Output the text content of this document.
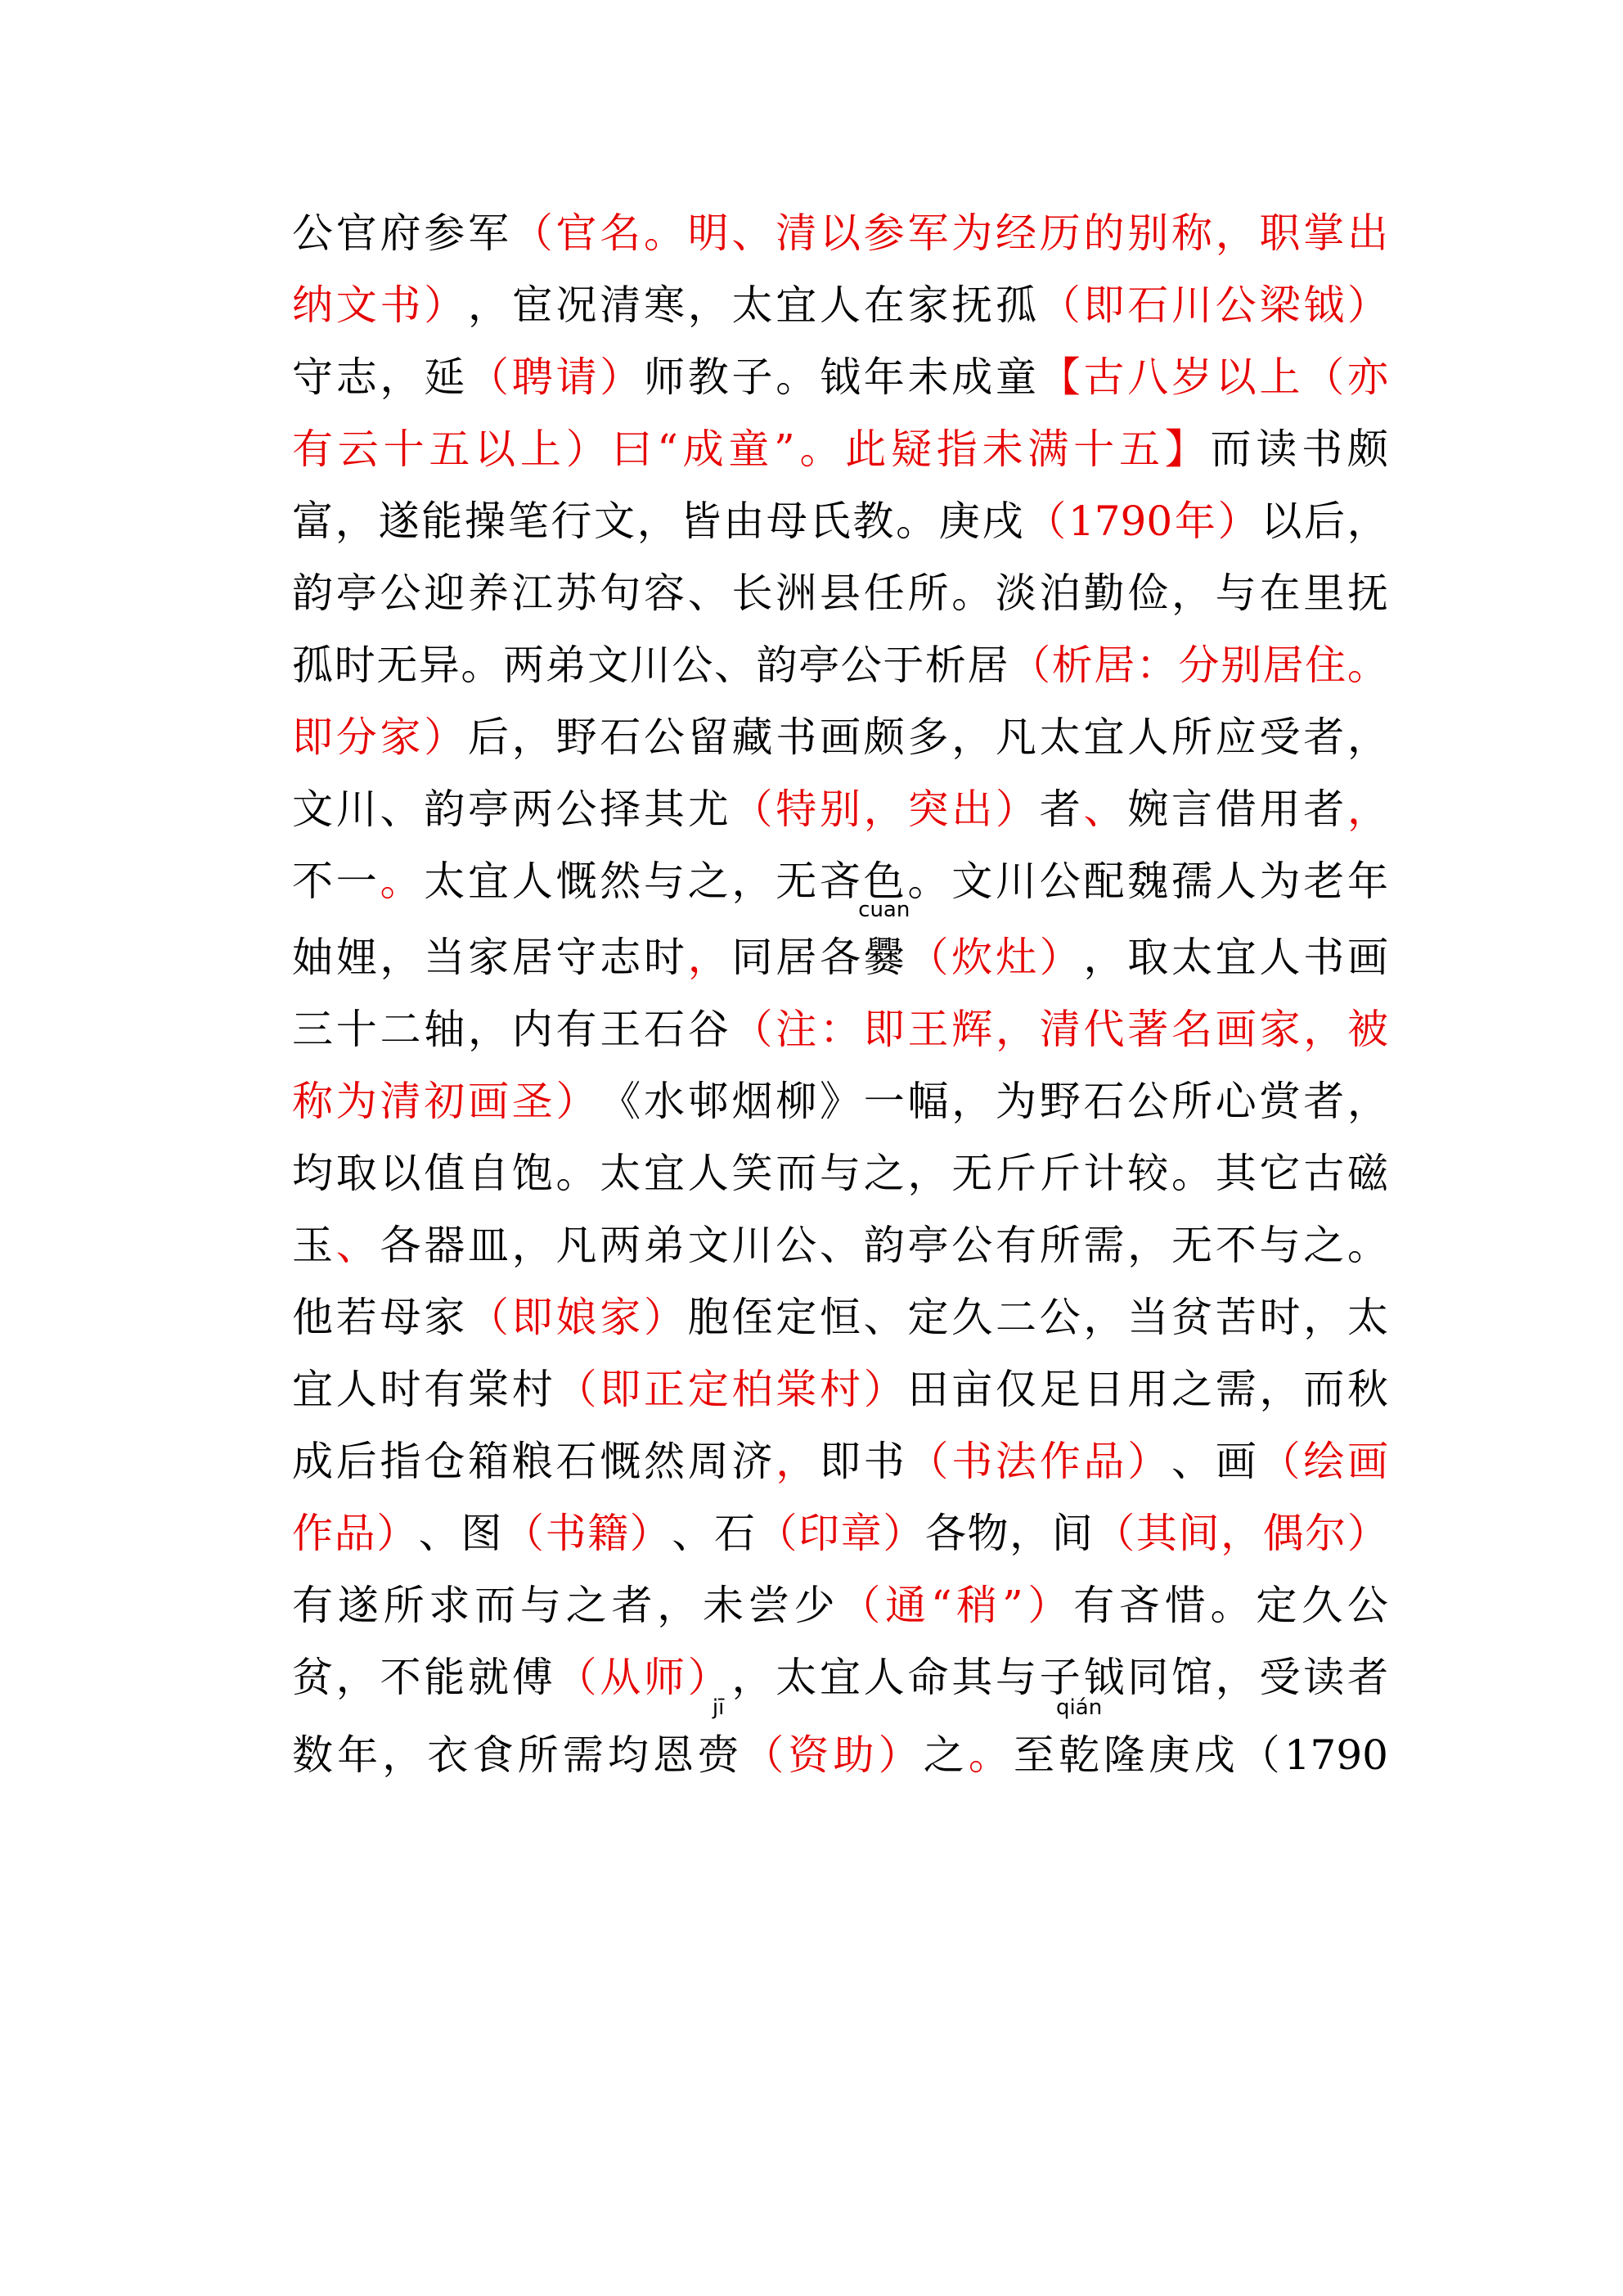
公 官 府 参 军 （ 官 名 。 明 、 清 以 参 军 为 经 历 的 别 称 ， 职 掌 出
纳 文 书 ） ， 宦 况 清 寒 ， 太 宜 人 在 家 抚 孤 （ 即 石 川 公 梁 钺 ）
守 志 ， 延 （ 聘 请 ） 师 教 子 。 钺 年 未 成 童 【 古 八 岁 以 上 （ 亦
有 云 十 五 以 上 ） 曰 “ 成 童 ” 。 此 疑 指 未 满 十 五 】 而 读 书 颇
富 ， 遂 能 操 笔 行 文 ， 皆 由 母 氏 教 。 庚 戌 （ 1790 年 ） 以 后 ，
韵 亭 公 迎 养 江 苏 句 容 、 长 洲 县 任 所 。 淡 泊 勤 俭 ， 与 在 里 抚
孤 时 无 异 。 两 弟 文 川 公 、 韵 亭 公 于 析 居 （ 析 居 ： 分 别 居 住 。
即 分 家 ） 后 ， 野 石 公 留 藏 书 画 颇 多 ， 凡 太 宜 人 所 应 受 者 ，
文 川 、 韵 亭 两 公 择 其 尤 （ 特 别 ， 突 出 ） 者 、 婉 言 借 用 者 ，
不 一 。 太 宜 人 慨 然 与 之 ， 无 吝 色 。 文 川 公 配 魏 孺 人 为 老 年
妯 娌 ， 当 家 居 守 志 时 ， 同 居 各
cuan
爨 （ 炊 灶 ） ， 取 太 宜 人 书 画
三 十 二 轴 ， 内 有 王 石 谷 （ 注 ： 即 王 辉 ， 清 代 著 名 画 家 ， 被
称 为 清 初 画 圣 ） 《 水 邨 烟 柳 》 一 幅 ， 为 野 石 公 所 心 赏 者 ，
均 取 以 值 自 饱 。 太 宜 人 笑 而 与 之 ， 无 斤 斤 计 较 。 其 它 古 磁
玉 、 各 器 皿 ， 凡 两 弟 文 川 公 、 韵 亭 公 有 所 需 ， 无 不 与 之 。
他 若 母 家 （ 即 娘 家 ） 胞 侄 定 恒 、 定 久 二 公 ， 当 贫 苦 时 ， 太
宜 人 时 有 棠 村 （ 即 正 定 柏 棠 村 ） 田 亩 仅 足 日 用 之 需 ， 而 秋
成 后 指 仓 箱 粮 石 慨 然 周 济 ， 即 书 （ 书 法 作 品 ） 、 画 （ 绘 画
作 品 ） 、 图 （ 书 籍 ） 、 石 （ 印 章 ） 各 物 ， 间 （ 其 间 ， 偶 尔 ）
有 遂 所 求 而 与 之 者 ， 未 尝 少 （ 通 “ 稍 ” ） 有 吝 惜 。 定 久 公
贫 ， 不 能 就 傅 （ 从 师 ） ， 太 宜 人 命 其 与 子 钺 同 馆 ， 受 读 者
数 年 ， 衣 食 所 需 均 恩
jī
赍 （ 资 助 ） 之 。 至
qián
乾 隆 庚 戌 （ 1790
